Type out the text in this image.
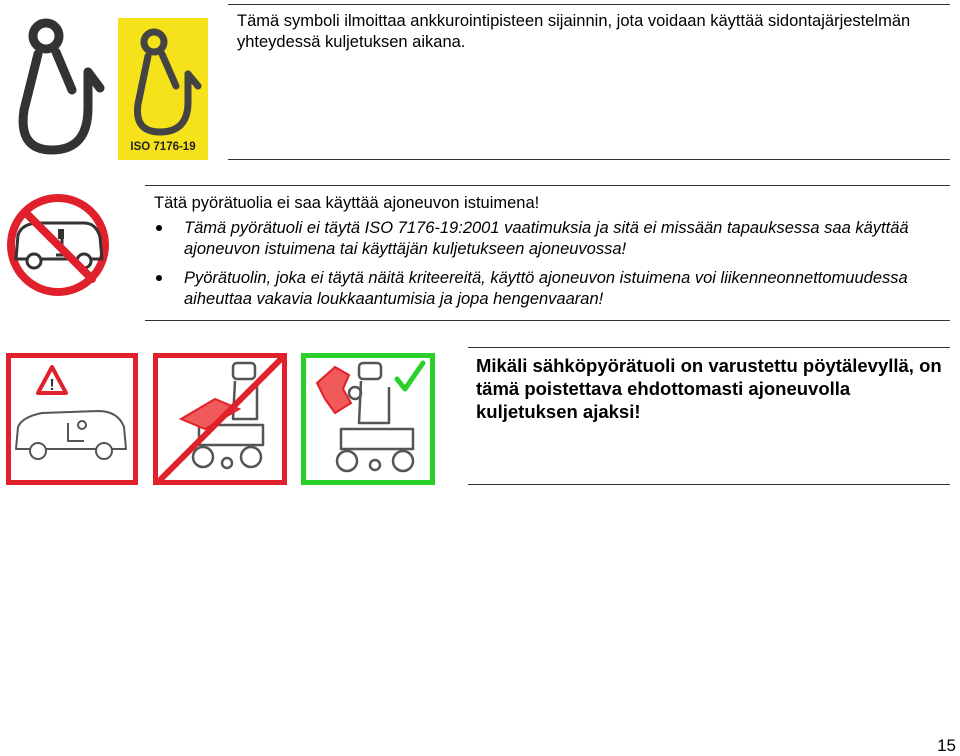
ISO 7176-19
Tämä symboli ilmoittaa ankkurointipisteen sijainnin, jota voidaan käyttää sidontajärjestelmän yhteydessä kuljetuksen aikana.
Tätä pyörätuolia ei saa käyttää ajoneuvon istuimena!
Tämä pyörätuoli ei täytä ISO 7176-19:2001 vaatimuksia ja sitä ei missään tapauksessa saa käyttää ajoneuvon istuimena tai käyttäjän kuljetukseen ajoneuvossa!
Pyörätuolin, joka ei täytä näitä kriteereitä, käyttö ajoneuvon istuimena voi liikenneonnettomuudessa aiheuttaa vakavia loukkaantumisia ja jopa hengenvaaran!
!
Mikäli sähköpyörätuoli on varustettu pöytälevyllä, on tämä poistettava ehdottomasti ajoneuvolla kuljetuksen ajaksi!
15
